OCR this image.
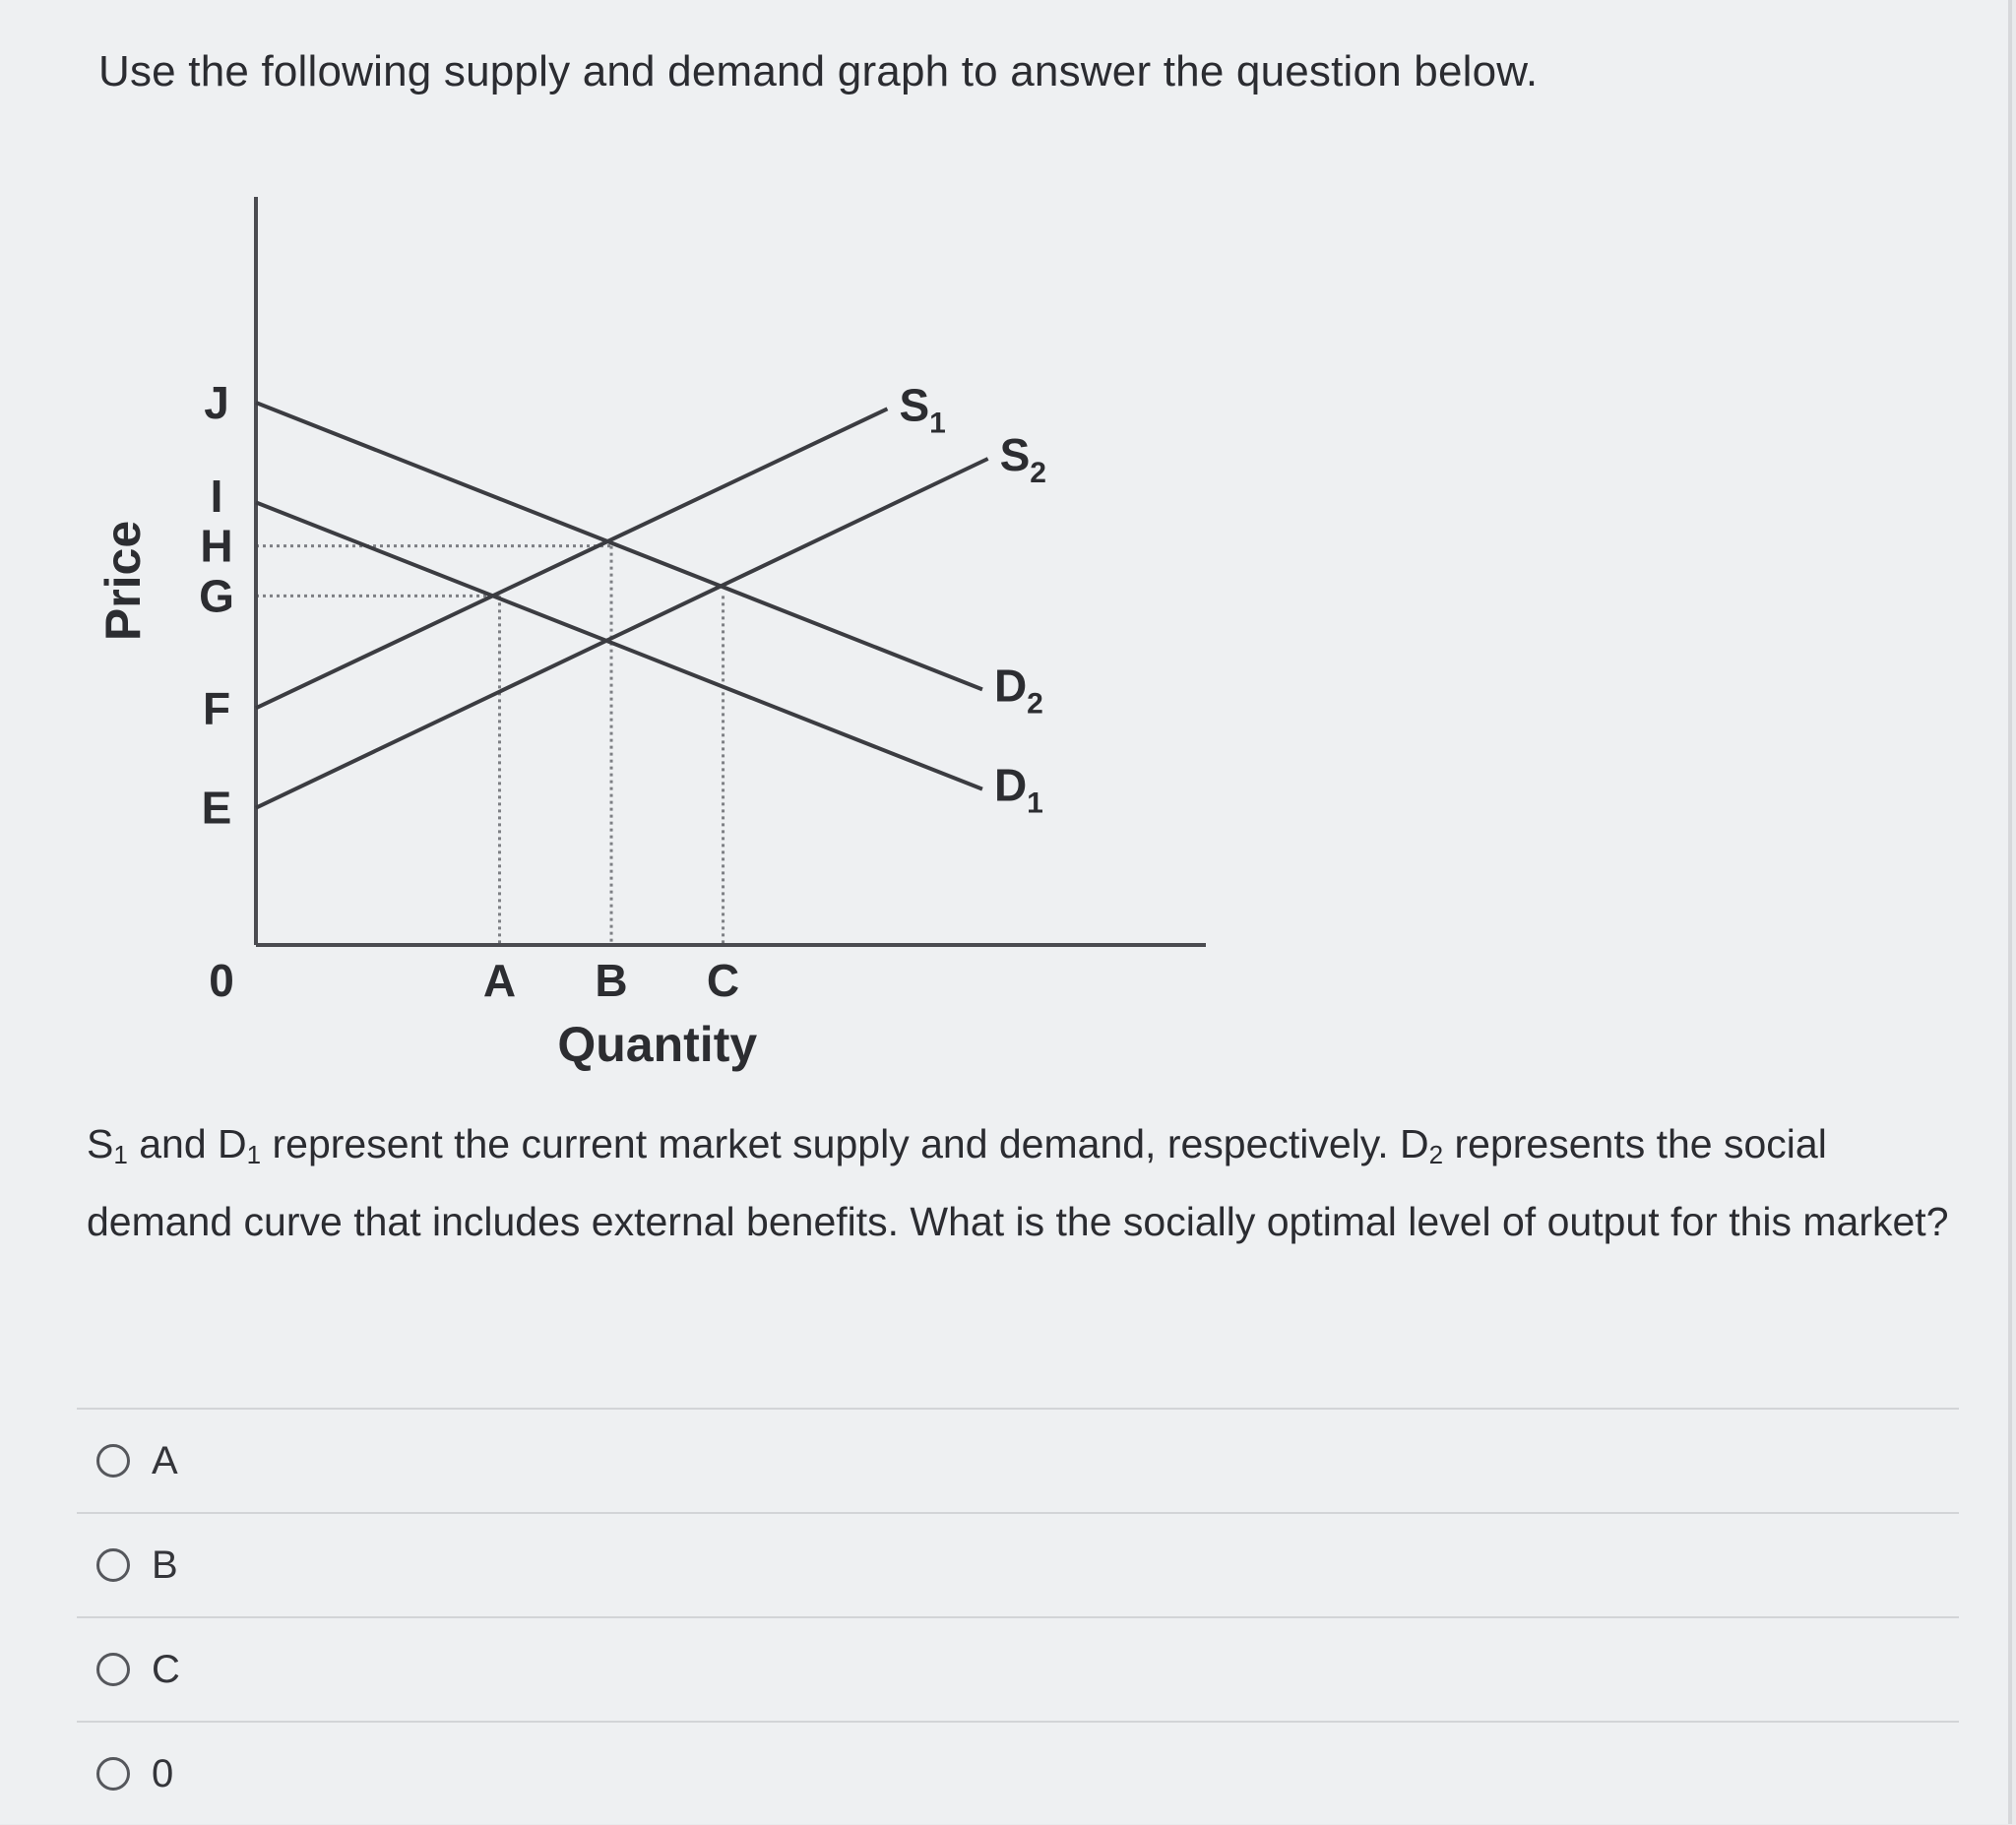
Use the following supply and demand graph to answer the question below.
$S_1$
$S_2$
$D_2$
$D_1$
E
F
G
H
I
J
0	A B C
Quantity
Price
$S_1$ and $D_1$ represent the current market supply and demand, respectively. $D_2$ represents the social demand curve that includes external benefits. What is the socially optimal level of output for this market?
A
B
C
0
